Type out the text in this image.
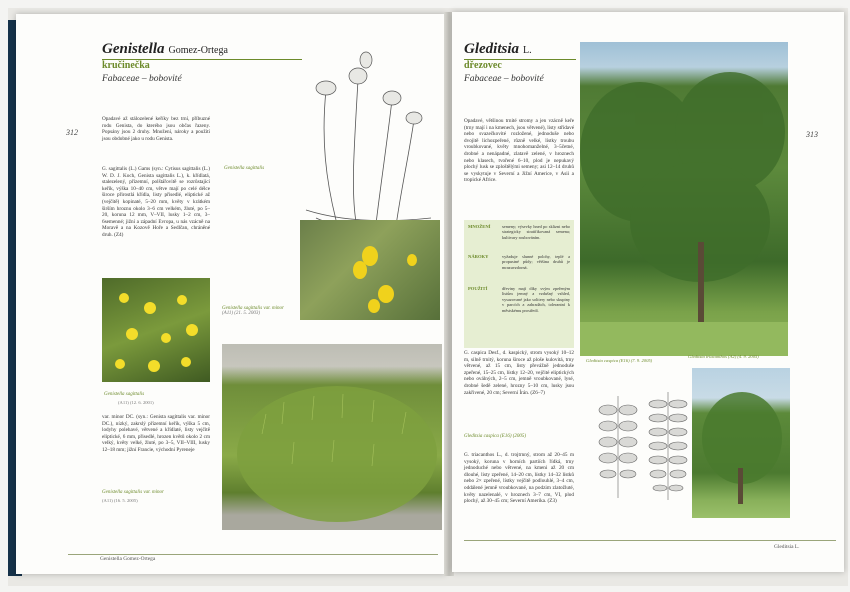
Genistella Gomez-Ortega
kručinečka
Fabaceae – bobovité
312
Opadavé až stálozelené keříky bez trní, příbuzné rodu Genista, do kterého jsou občas řazeny. Popsány jsou 2 druhy. Množení, nároky a použití jsou obdobné jako u rodu Genista.
G. sagittalis (L.) Gams (syn.: Cytisus sagittalis (L.) W. D. J. Koch, Genista sagittalis L.), k. křídlatá, stalezelený, přízemní, polštářovitě se rozrůstající keřík, výška 10–40 cm, větve mají po celé délce široce přirostlá křídla, listy přisedlé, eliptické až (vejčitě) kopinaté, 5–20 mm, květy v krátkém širším hroznu okolo 3–6 cm velkém, žluté, po 5–20, koruna 12 mm, V–VII, lusky 1–2 cm, 3–6semenné; jižní a západní Evropa, u nás vzácně na Moravě a na Kozově Hoře a Sedlčan, chráněné druh. (Z4)
Genistella sagittalis
Genistella sagittalis var. minor
(A11) (21. 5. 2003)
Genistella sagittalis
(A11) (12. 6. 2001)
var. minor DC. (syn.: Genista sagittalis var. minor DC.), nízký, zakrslý přízemní keřík, výška 5 cm, lodyhy polehavé, větvené a křídlaté, listy vejčitě eliptické, 6 mm, přisedlé, hrozen květů okolo 2 cm velký, květy velké, žluté, po 3–5, VII–VIII, lusky 12–18 mm; jižní Francie, východní Pyreneje
Genistella sagittalis var. minor
(A11) (16. 5. 2005)
Genistella Gomez-Ortega
Gleditsia L.
dřezovec
Fabaceae – bobovité
313
Opadavé, většinou trnité stromy a jen vzácně keře (trny mají i na kmenech, jsou větvené), listy střídavé nebo svazečkovité rozložené, jednoduše nebo dvojitě lichozpeřené, různě velké, lístky troubu vroubkované, květy mnohomanželné, 3–5četné, drobné a nenápadné, zlatavě zelené, v hroznech nebo klasech, tvořené 6–10, plod je nepukavý plochý lusk se zploštělými semeny; asi 12–14 druhů se vyskytuje v Severní a Jižní Americe, v Asii a tropické Africe.
MNOŽENÍ	semeny; výsevky hned po sklizni nebo strategicky stratifikovaná semena; kultivary roubováním.
NÁROKY	vyžaduje slunné polohy, teplé a propustné půdy; většina druhů je mrazuvzdorná.
POUŽITÍ	dřeviny mají díky svým zpeřeným listům jemný a vzdušný vzhled, vysazované jako solitery nebo skupiny v parcích a zahradách, tolerantní k městskému prostředí.
G. caspica Desf., d. kaspický, strom vysoký 10–12 m, silně trnitý, koruna široce až ploše kulovitá, trny větvené, až 15 cm, listy převážně jednoduše zpeřené, 15–25 cm, lístky 12–20, vejčité eliptických nebo oválných, 2–5 cm, jemně vroubkované, lysé, drobné šedě zelené, hrozny 5–10 cm, lusky jsou zakřivené, 20 cm; Severní Írán. (Z6–7)
Gleditsia caspica (E16) (2005)
G. triacanthos L., d. trojtrnný, strom až 20–45 m vysoký, koruna v horních partiích řídká, trny jednoduché nebo větvené, na kmeni až 20 cm dlouhé, listy zpeřené, 14–20 cm, lístky 14–32 lístků nebo 2× zpeřené, lístky vejčitě podlouhlé, 3–4 cm, oddálené jemně vroubkované, na podzim zlatožluté, květy nazelenalé, v hroznech 3–7 cm, VI, plod plochý, až 30–45 cm; Severní Amerika. (Z3)
Gleditsia caspica (E16) (7. 9. 2005)
Gleditsia triacanthos (A2) (4. 9. 2005)
Gleditsia L.
